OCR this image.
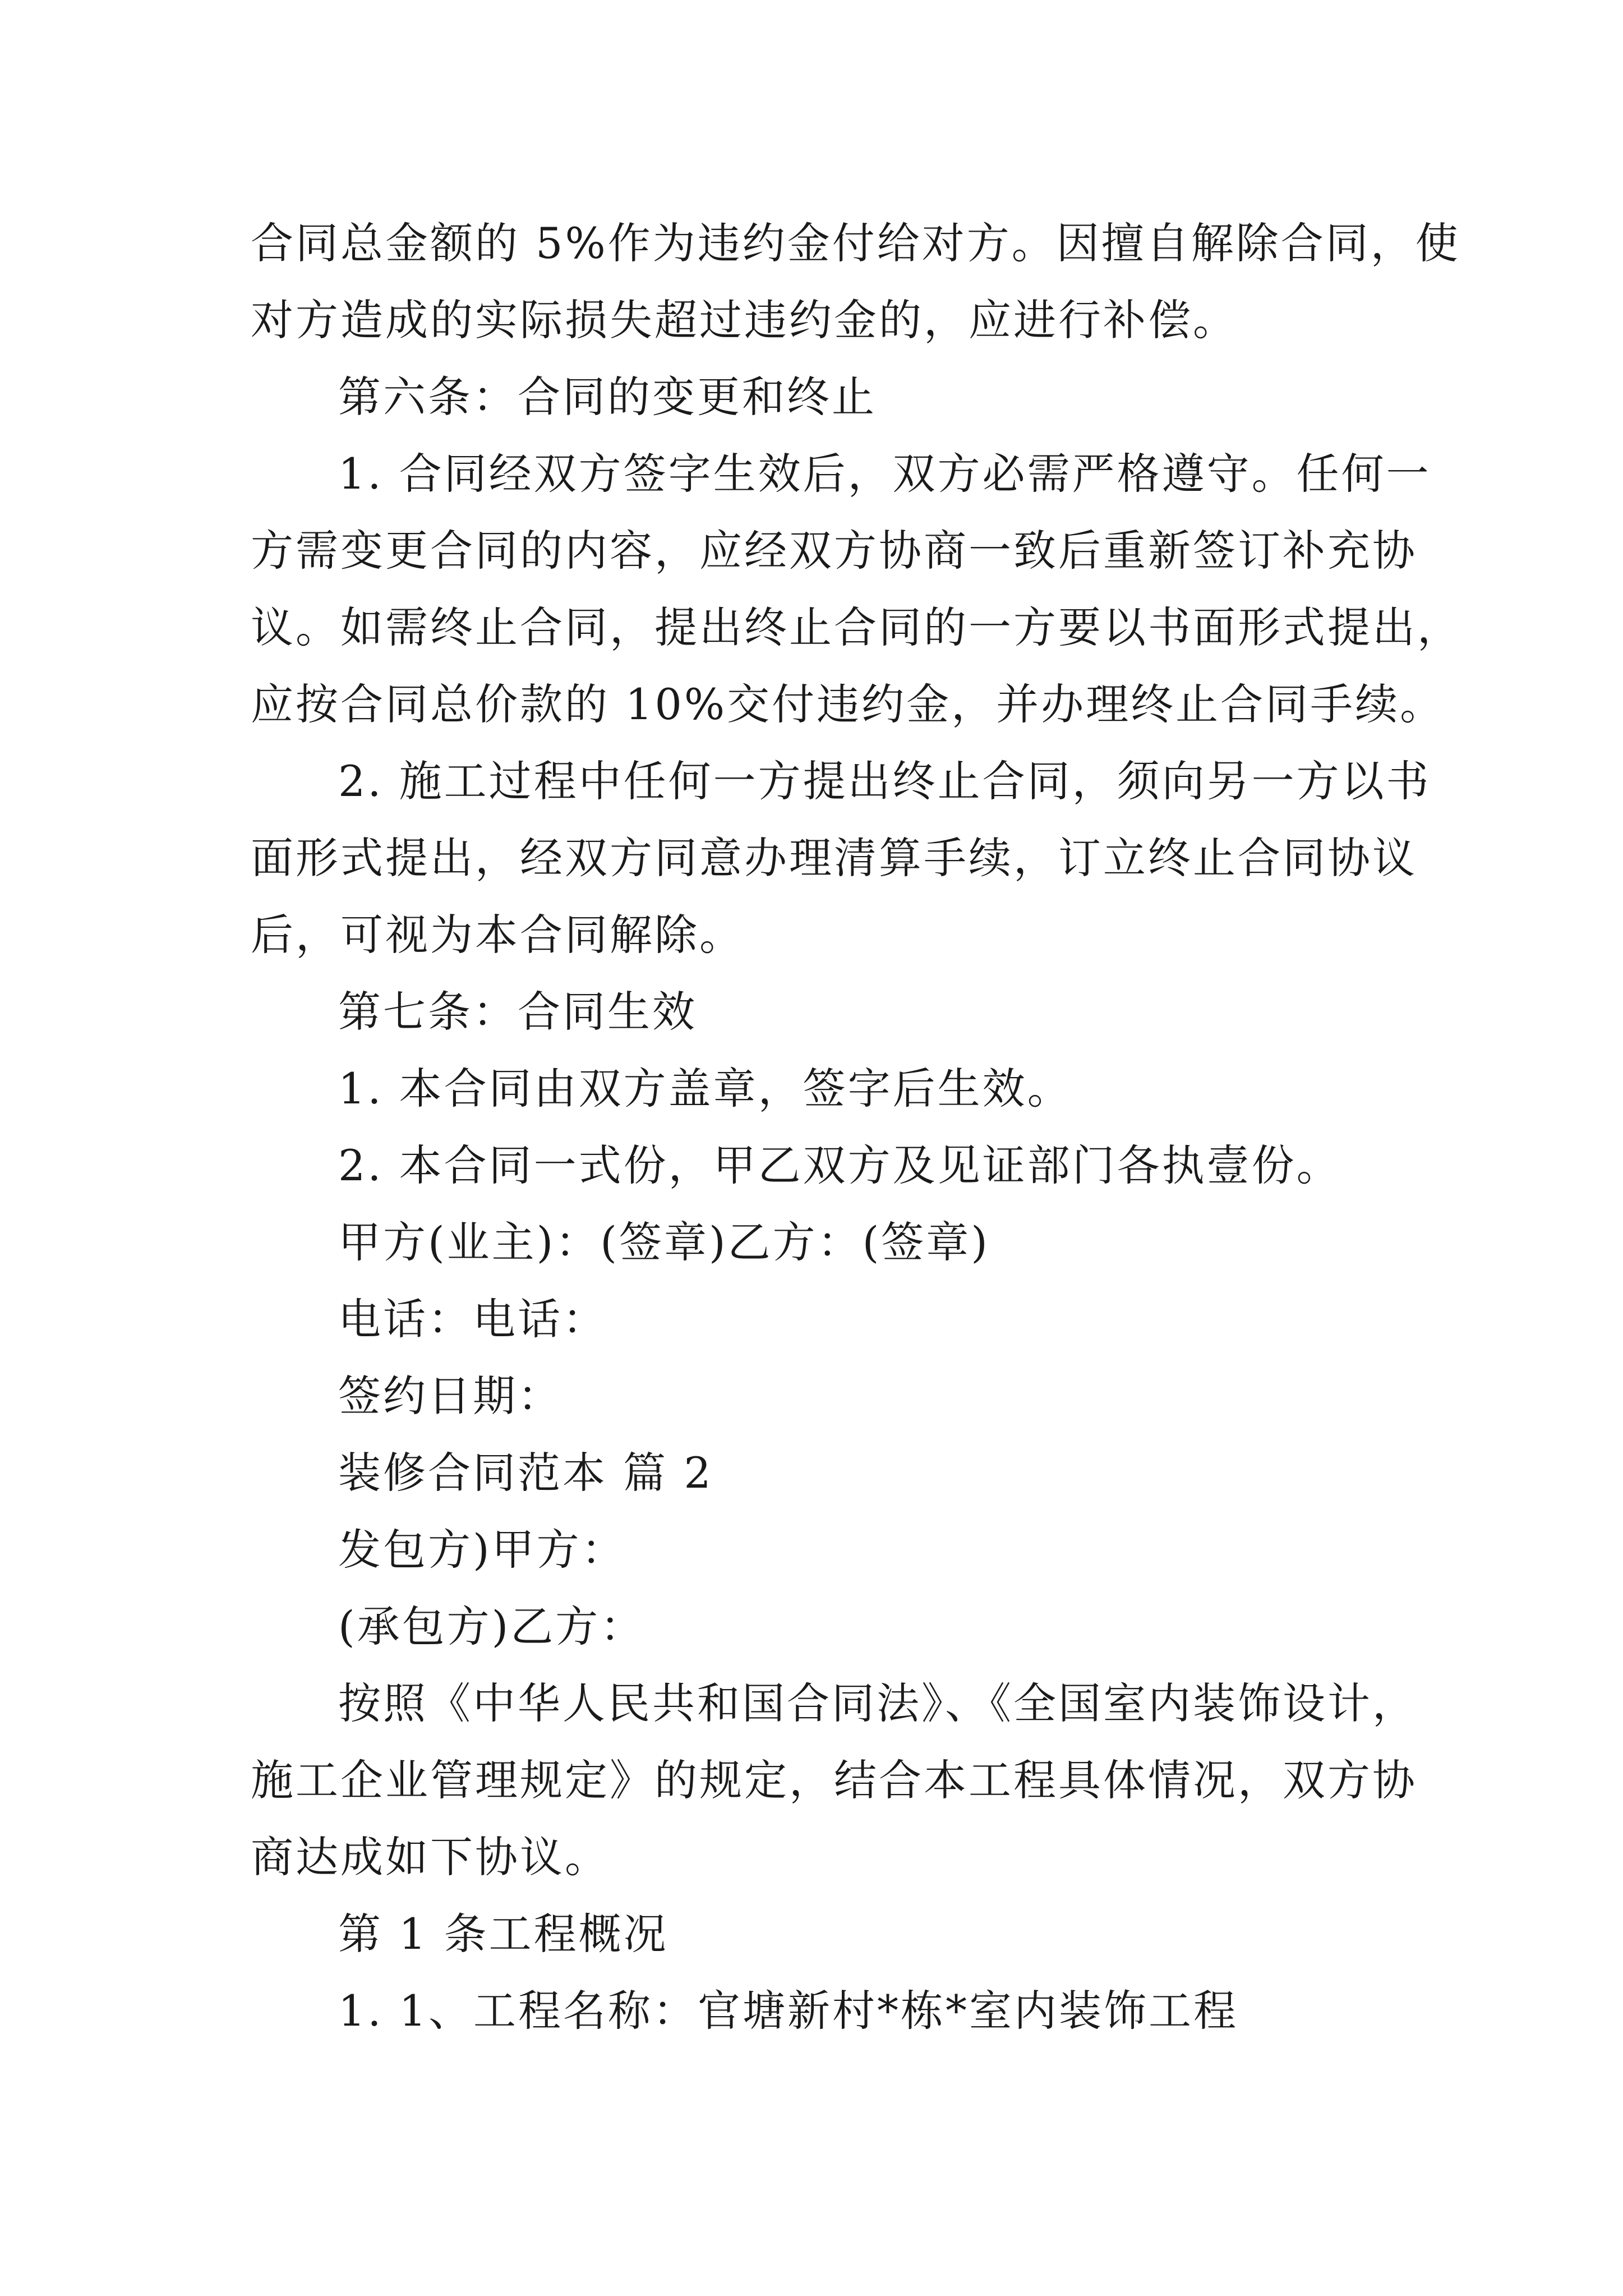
合同总金额的 5%作为违约金付给对方。因擅自解除合同，使
对方造成的实际损失超过违约金的，应进行补偿。
第六条：合同的变更和终止
1. 合同经双方签字生效后，双方必需严格遵守。任何一
方需变更合同的内容，应经双方协商一致后重新签订补充协
议。如需终止合同，提出终止合同的一方要以书面形式提出，
应按合同总价款的 10%交付违约金，并办理终止合同手续。
2. 施工过程中任何一方提出终止合同，须向另一方以书
面形式提出，经双方同意办理清算手续，订立终止合同协议
后，可视为本合同解除。
第七条：合同生效
1. 本合同由双方盖章，签字后生效。
2. 本合同一式份，甲乙双方及见证部门各执壹份。
甲方(业主)：(签章)乙方：(签章)
电话：电话：
签约日期：
装修合同范本 篇 2
发包方)甲方：
(承包方)乙方：
按照《中华人民共和国合同法》、《全国室内装饰设计，
施工企业管理规定》的规定，结合本工程具体情况，双方协
商达成如下协议。
第 1 条工程概况
1. 1、工程名称：官塘新村*栋*室内装饰工程
